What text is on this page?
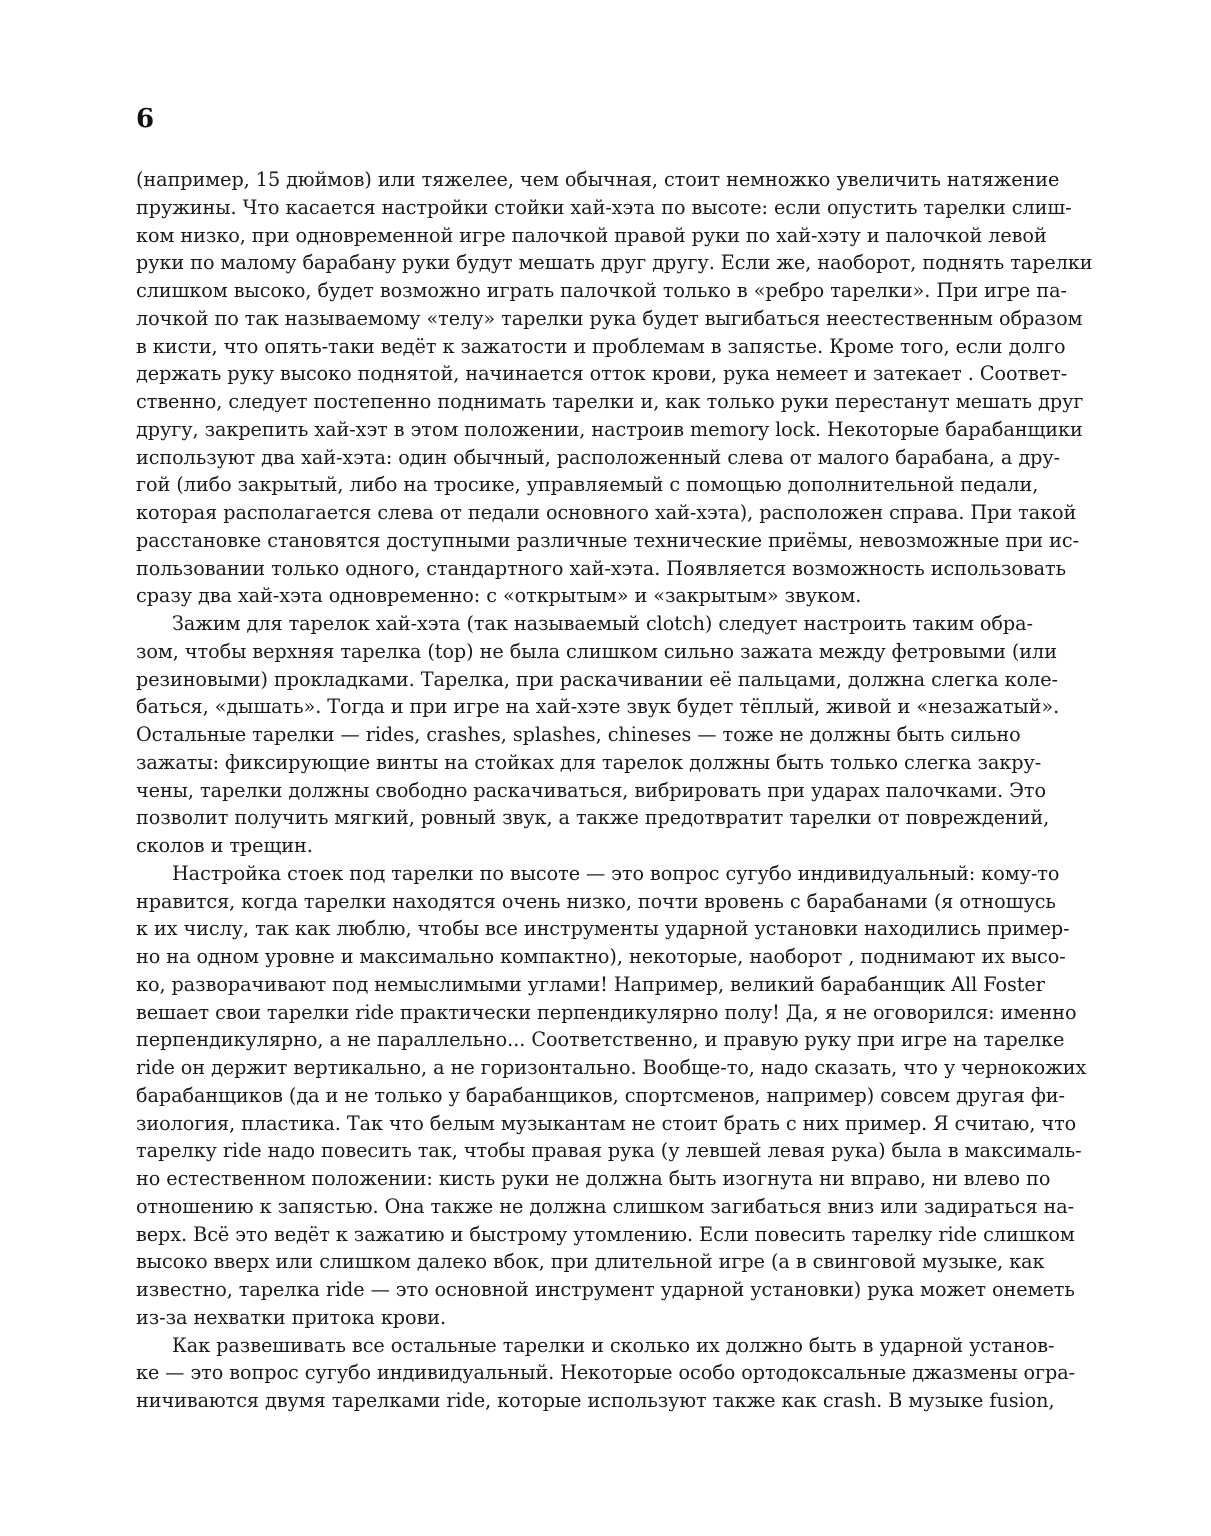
6
(например, 15 дюймов) или тяжелее, чем обычная, стоит немножко увеличить натяжение
пружины. Что касается настройки стойки хай-хэта по высоте: если опустить тарелки слиш-
ком низко, при одновременной игре палочкой правой руки по хай-хэту и палочкой левой
руки по малому барабану руки будут мешать друг другу. Если же, наоборот, поднять тарелки
слишком высоко, будет возможно играть палочкой только в «ребро тарелки». При игре па-
лочкой по так называемому «телу» тарелки рука будет выгибаться неестественным образом
в кисти, что опять-таки ведёт к зажатости и проблемам в запястье. Кроме того, если долго
держать руку высоко поднятой, начинается отток крови, рука немеет и затекает . Соответ-
ственно, следует постепенно поднимать тарелки и, как только руки перестанут мешать друг
другу, закрепить хай-хэт в этом положении, настроив memory lock. Некоторые барабанщики
используют два хай-хэта: один обычный, расположенный слева от малого барабана, а дру-
гой (либо закрытый, либо на тросике, управляемый с помощью дополнительной педали,
которая располагается слева от педали основного хай-хэта), расположен справа. При такой
расстановке становятся доступными различные технические приёмы, невозможные при ис-
пользовании только одного, стандартного хай-хэта. Появляется возможность использовать
сразу два хай-хэта одновременно: с «открытым» и «закрытым» звуком.
Зажим для тарелок хай-хэта (так называемый clotch) следует настроить таким обра-
зом, чтобы верхняя тарелка (top) не была слишком сильно зажата между фетровыми (или
резиновыми) прокладками. Тарелка, при раскачивании её пальцами, должна слегка коле-
баться, «дышать». Тогда и при игре на хай-хэте звук будет тёплый, живой и «незажатый».
Остальные тарелки — rides, crashes, splashes, chineses — тоже не должны быть сильно
зажаты: фиксирующие винты на стойках для тарелок должны быть только слегка закру-
чены, тарелки должны свободно раскачиваться, вибрировать при ударах палочками. Это
позволит получить мягкий, ровный звук, а также предотвратит тарелки от повреждений,
сколов и трещин.
Настройка стоек под тарелки по высоте — это вопрос сугубо индивидуальный: кому-то
нравится, когда тарелки находятся очень низко, почти вровень с барабанами (я отношусь
к их числу, так как люблю, чтобы все инструменты ударной установки находились пример-
но на одном уровне и максимально компактно), некоторые, наоборот , поднимают их высо-
ко, разворачивают под немыслимыми углами! Например, великий барабанщик All Foster
вешает свои тарелки ride практически перпендикулярно полу! Да, я не оговорился: именно
перпендикулярно, а не параллельно... Соответственно, и правую руку при игре на тарелке
ride он держит вертикально, а не горизонтально. Вообще-то, надо сказать, что у чернокожих
барабанщиков (да и не только у барабанщиков, спортсменов, например) совсем другая фи-
зиология, пластика. Так что белым музыкантам не стоит брать с них пример. Я считаю, что
тарелку ride надо повесить так, чтобы правая рука (у левшей левая рука) была в максималь-
но естественном положении: кисть руки не должна быть изогнута ни вправо, ни влево по
отношению к запястью. Она также не должна слишком загибаться вниз или задираться на-
верх. Всё это ведёт к зажатию и быстрому утомлению. Если повесить тарелку ride слишком
высоко вверх или слишком далеко вбок, при длительной игре (а в свинговой музыке, как
известно, тарелка ride — это основной инструмент ударной установки) рука может онеметь
из-за нехватки притока крови.
Как развешивать все остальные тарелки и сколько их должно быть в ударной установ-
ке — это вопрос сугубо индивидуальный. Некоторые особо ортодоксальные джазмены огра-
ничиваются двумя тарелками ride, которые используют также как crash. В музыке fusion,
